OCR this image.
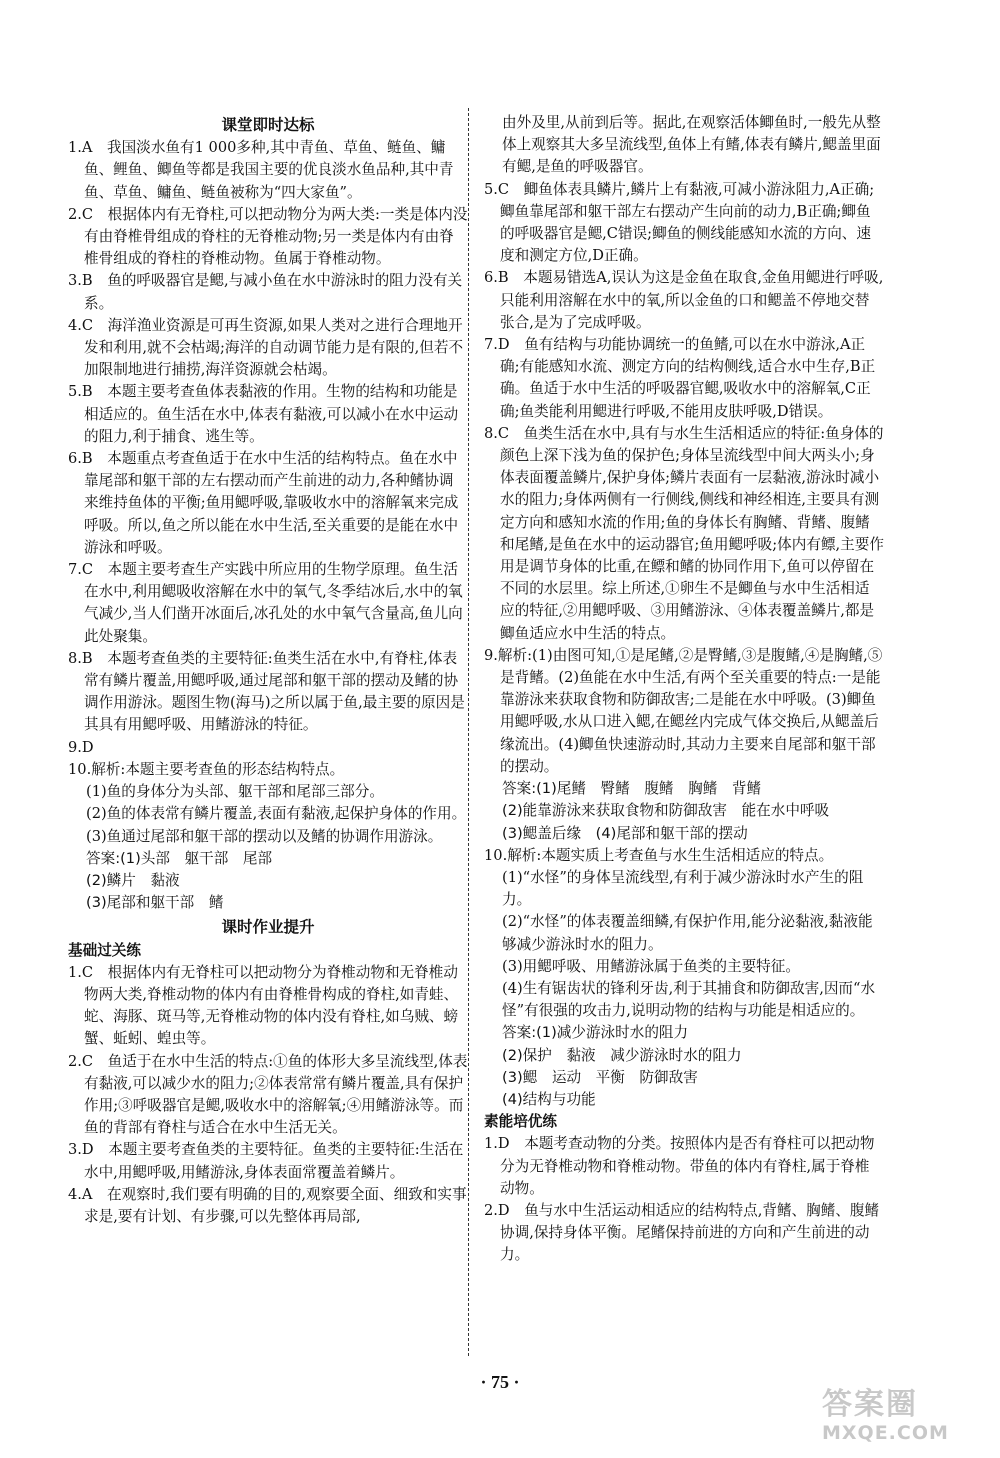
课堂即时达标
1.A　我国淡水鱼有1 000多种,其中青鱼、草鱼、鲢鱼、鳙鱼、鲤鱼、鲫鱼等都是我国主要的优良淡水鱼品种,其中青鱼、草鱼、鳙鱼、鲢鱼被称为“四大家鱼”。
2.C　根据体内有无脊柱,可以把动物分为两大类:一类是体内没有由脊椎骨组成的脊柱的无脊椎动物;另一类是体内有由脊椎骨组成的脊柱的脊椎动物。鱼属于脊椎动物。
3.B　鱼的呼吸器官是鳃,与减小鱼在水中游泳时的阻力没有关系。
4.C　海洋渔业资源是可再生资源,如果人类对之进行合理地开发和利用,就不会枯竭;海洋的自动调节能力是有限的,但若不加限制地进行捕捞,海洋资源就会枯竭。
5.B　本题主要考查鱼体表黏液的作用。生物的结构和功能是相适应的。鱼生活在水中,体表有黏液,可以减小在水中运动的阻力,利于捕食、逃生等。
6.B　本题重点考查鱼适于在水中生活的结构特点。鱼在水中靠尾部和躯干部的左右摆动而产生前进的动力,各种鳍协调来维持鱼体的平衡;鱼用鳃呼吸,靠吸收水中的溶解氧来完成呼吸。所以,鱼之所以能在水中生活,至关重要的是能在水中游泳和呼吸。
7.C　本题主要考查生产实践中所应用的生物学原理。鱼生活在水中,利用鳃吸收溶解在水中的氧气,冬季结冰后,水中的氧气减少,当人们凿开冰面后,冰孔处的水中氧气含量高,鱼儿向此处聚集。
8.B　本题考查鱼类的主要特征:鱼类生活在水中,有脊柱,体表常有鳞片覆盖,用鳃呼吸,通过尾部和躯干部的摆动及鳍的协调作用游泳。题图生物(海马)之所以属于鱼,最主要的原因是其具有用鳃呼吸、用鳍游泳的特征。
9.D
10.解析:本题主要考查鱼的形态结构特点。
(1)鱼的身体分为头部、躯干部和尾部三部分。
(2)鱼的体表常有鳞片覆盖,表面有黏液,起保护身体的作用。
(3)鱼通过尾部和躯干部的摆动以及鳍的协调作用游泳。
答案:(1)头部　躯干部　尾部
(2)鳞片　黏液
(3)尾部和躯干部　鳍
课时作业提升
基础过关练
1.C　根据体内有无脊柱可以把动物分为脊椎动物和无脊椎动物两大类,脊椎动物的体内有由脊椎骨构成的脊柱,如青蛙、蛇、海豚、斑马等,无脊椎动物的体内没有脊柱,如乌贼、螃蟹、蚯蚓、蝗虫等。
2.C　鱼适于在水中生活的特点:①鱼的体形大多呈流线型,体表有黏液,可以减少水的阻力;②体表常常有鳞片覆盖,具有保护作用;③呼吸器官是鳃,吸收水中的溶解氧;④用鳍游泳等。而鱼的背部有脊柱与适合在水中生活无关。
3.D　本题主要考查鱼类的主要特征。鱼类的主要特征:生活在水中,用鳃呼吸,用鳍游泳,身体表面常覆盖着鳞片。
4.A　在观察时,我们要有明确的目的,观察要全面、细致和实事求是,要有计划、有步骤,可以先整体再局部,
由外及里,从前到后等。据此,在观察活体鲫鱼时,一般先从整体上观察其大多呈流线型,鱼体上有鳍,体表有鳞片,鳃盖里面有鳃,是鱼的呼吸器官。
5.C　鲫鱼体表具鳞片,鳞片上有黏液,可减小游泳阻力,A正确;鲫鱼靠尾部和躯干部左右摆动产生向前的动力,B正确;鲫鱼的呼吸器官是鳃,C错误;鲫鱼的侧线能感知水流的方向、速度和测定方位,D正确。
6.B　本题易错选A,误认为这是金鱼在取食,金鱼用鳃进行呼吸,只能利用溶解在水中的氧,所以金鱼的口和鳃盖不停地交替张合,是为了完成呼吸。
7.D　鱼有结构与功能协调统一的鱼鳍,可以在水中游泳,A正确;有能感知水流、测定方向的结构侧线,适合水中生存,B正确。鱼适于水中生活的呼吸器官鳃,吸收水中的溶解氧,C正确;鱼类能利用鳃进行呼吸,不能用皮肤呼吸,D错误。
8.C　鱼类生活在水中,具有与水生生活相适应的特征:鱼身体的颜色上深下浅为鱼的保护色;身体呈流线型中间大两头小;身体表面覆盖鳞片,保护身体;鳞片表面有一层黏液,游泳时减小水的阻力;身体两侧有一行侧线,侧线和神经相连,主要具有测定方向和感知水流的作用;鱼的身体长有胸鳍、背鳍、腹鳍和尾鳍,是鱼在水中的运动器官;鱼用鳃呼吸;体内有鳔,主要作用是调节身体的比重,在鳔和鳍的协同作用下,鱼可以停留在不同的水层里。综上所述,①卵生不是鲫鱼与水中生活相适应的特征,②用鳃呼吸、③用鳍游泳、④体表覆盖鳞片,都是鲫鱼适应水中生活的特点。
9.解析:(1)由图可知,①是尾鳍,②是臀鳍,③是腹鳍,④是胸鳍,⑤是背鳍。(2)鱼能在水中生活,有两个至关重要的特点:一是能靠游泳来获取食物和防御敌害;二是能在水中呼吸。(3)鲫鱼用鳃呼吸,水从口进入鳃,在鳃丝内完成气体交换后,从鳃盖后缘流出。(4)鲫鱼快速游动时,其动力主要来自尾部和躯干部的摆动。
答案:(1)尾鳍　臀鳍　腹鳍　胸鳍　背鳍
(2)能靠游泳来获取食物和防御敌害　能在水中呼吸
(3)鳃盖后缘　(4)尾部和躯干部的摆动
10.解析:本题实质上考查鱼与水生生活相适应的特点。
(1)“水怪”的身体呈流线型,有利于减少游泳时水产生的阻力。
(2)“水怪”的体表覆盖细鳞,有保护作用,能分泌黏液,黏液能够减少游泳时水的阻力。
(3)用鳃呼吸、用鳍游泳属于鱼类的主要特征。
(4)生有锯齿状的锋利牙齿,利于其捕食和防御敌害,因而“水怪”有很强的攻击力,说明动物的结构与功能是相适应的。
答案:(1)减少游泳时水的阻力
(2)保护　黏液　减少游泳时水的阻力
(3)鳃　运动　平衡　防御敌害
(4)结构与功能
素能培优练
1.D　本题考查动物的分类。按照体内是否有脊柱可以把动物分为无脊椎动物和脊椎动物。带鱼的体内有脊柱,属于脊椎动物。
2.D　鱼与水中生活运动相适应的结构特点,背鳍、胸鳍、腹鳍协调,保持身体平衡。尾鳍保持前进的方向和产生前进的动力。
· 75 ·
答案圈
MXQE.COM
